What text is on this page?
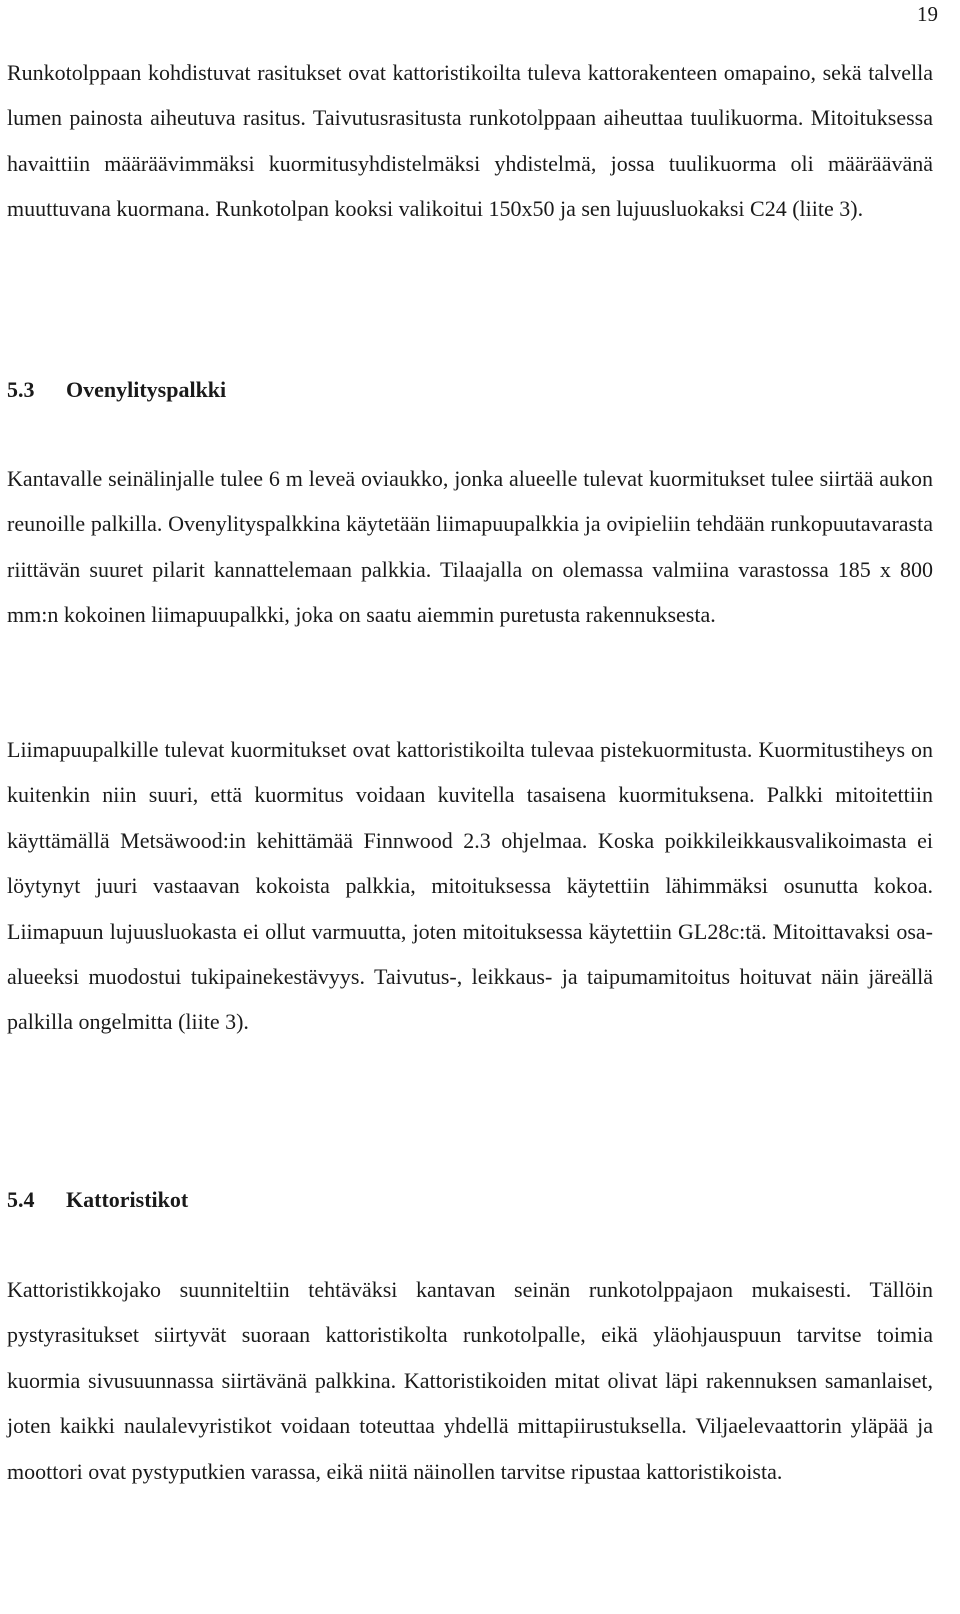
19

Runkotolppaan kohdistuvat rasitukset ovat kattoristikoilta tuleva kattorakenteen omapaino, sekä talvella lumen painosta aiheutuva rasitus. Taivutusrasitusta runkotolppaan aiheuttaa tuulikuorma. Mitoituksessa havaittiin määräävimmäksi kuormitusyhdistelmäksi yhdistelmä, jossa tuulikuorma oli määräävänä muuttuvana kuormana. Runkotolpan kooksi valikoitui 150x50 ja sen lujuusluokaksi C24 (liite 3).

5.3 Ovenylityspalkki

Kantavalle seinälinjalle tulee 6 m leveä oviaukko, jonka alueelle tulevat kuormitukset tulee siirtää aukon reunoille palkilla. Ovenylityspalkkina käytetään liimapuupalkkia ja ovipieliin tehdään runkopuutavarasta riittävän suuret pilarit kannattelemaan palkkia. Tilaajalla on olemassa valmiina varastossa 185 x 800 mm:n kokoinen liimapuupalkki, joka on saatu aiemmin puretusta rakennuksesta.

Liimapuupalkille tulevat kuormitukset ovat kattoristikoilta tulevaa pistekuormitusta. Kuormitustiheys on kuitenkin niin suuri, että kuormitus voidaan kuvitella tasaisena kuormituksena. Palkki mitoitettiin käyttämällä Metsäwood:in kehittämää Finnwood 2.3 ohjelmaa. Koska poikkileikkausvalikoimasta ei löytynyt juuri vastaavan kokoista palkkia, mitoituksessa käytettiin lähimmäksi osunutta kokoa. Liimapuun lujuusluokasta ei ollut varmuutta, joten mitoituksessa käytettiin GL28c:tä. Mitoittavaksi osa-alueeksi muodostui tukipainekestävyys. Taivutus-, leikkaus- ja taipumamitoitus hoituvat näin järeällä palkilla ongelmitta (liite 3).

5.4 Kattoristikot

Kattoristikkojako suunniteltiin tehtäväksi kantavan seinän runkotolppajaon mukaisesti. Tällöin pystyrasitukset siirtyvät suoraan kattoristikolta runkotolpalle, eikä yläohjauspuun tarvitse toimia kuormia sivusuunnassa siirtävänä palkkina. Kattoristikoiden mitat olivat läpi rakennuksen samanlaiset, joten kaikki naulalevyristikot voidaan toteuttaa yhdellä mittapiirustuksella. Viljaelevaattorin yläpää ja moottori ovat pystyputkien varassa, eikä niitä näinollen tarvitse ripustaa kattoristikoista.
